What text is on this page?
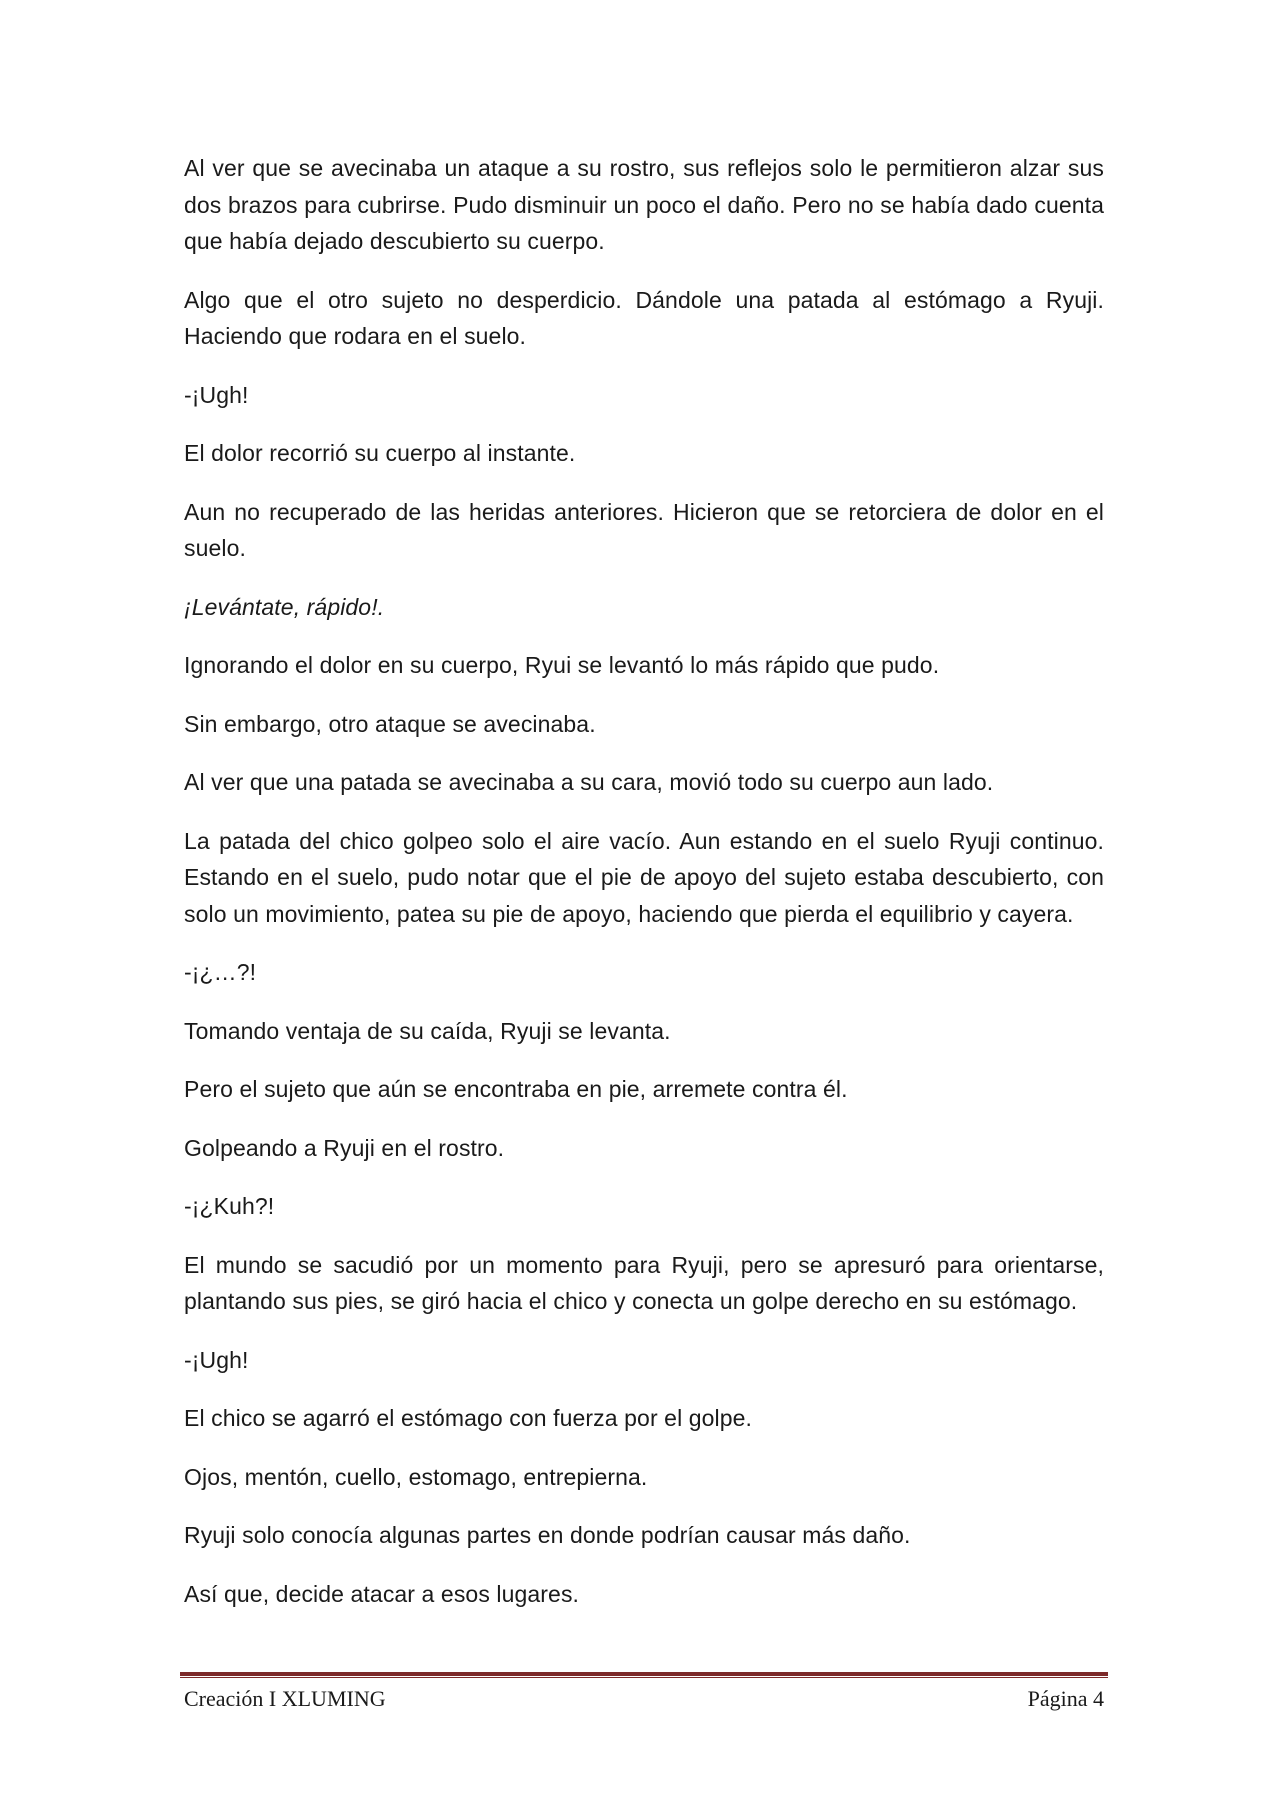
Al ver que se avecinaba un ataque a su rostro, sus reflejos solo le permitieron alzar sus dos brazos para cubrirse. Pudo disminuir un poco el daño. Pero no se había dado cuenta que había dejado descubierto su cuerpo.

Algo que el otro sujeto no desperdicio. Dándole una patada al estómago a Ryuji. Haciendo que rodara en el suelo.

-¡Ugh!

El dolor recorrió su cuerpo al instante.

Aun no recuperado de las heridas anteriores. Hicieron que se retorciera de dolor en el suelo.

¡Levántate, rápido!.

Ignorando el dolor en su cuerpo, Ryui se levantó lo más rápido que pudo.

Sin embargo, otro ataque se avecinaba.

Al ver que una patada se avecinaba a su cara, movió todo su cuerpo aun lado.

La patada del chico golpeo solo el aire vacío. Aun estando en el suelo Ryuji continuo. Estando en el suelo, pudo notar que el pie de apoyo del sujeto estaba descubierto, con solo un movimiento, patea su pie de apoyo, haciendo que pierda el equilibrio y cayera.

-¡¿…?!

Tomando ventaja de su caída, Ryuji se levanta.

Pero el sujeto que aún se encontraba en pie, arremete contra él.

Golpeando a Ryuji en el rostro.

-¡¿Kuh?!

El mundo se sacudió por un momento para Ryuji, pero se apresuró para orientarse, plantando sus pies, se giró hacia el chico y conecta un golpe derecho en su estómago.

-¡Ugh!

El chico se agarró el estómago con fuerza por el golpe.

Ojos, mentón, cuello, estomago, entrepierna.

Ryuji solo conocía algunas partes en donde podrían causar más daño.

Así que, decide atacar a esos lugares.

Creación I XLUMING	Página 4
